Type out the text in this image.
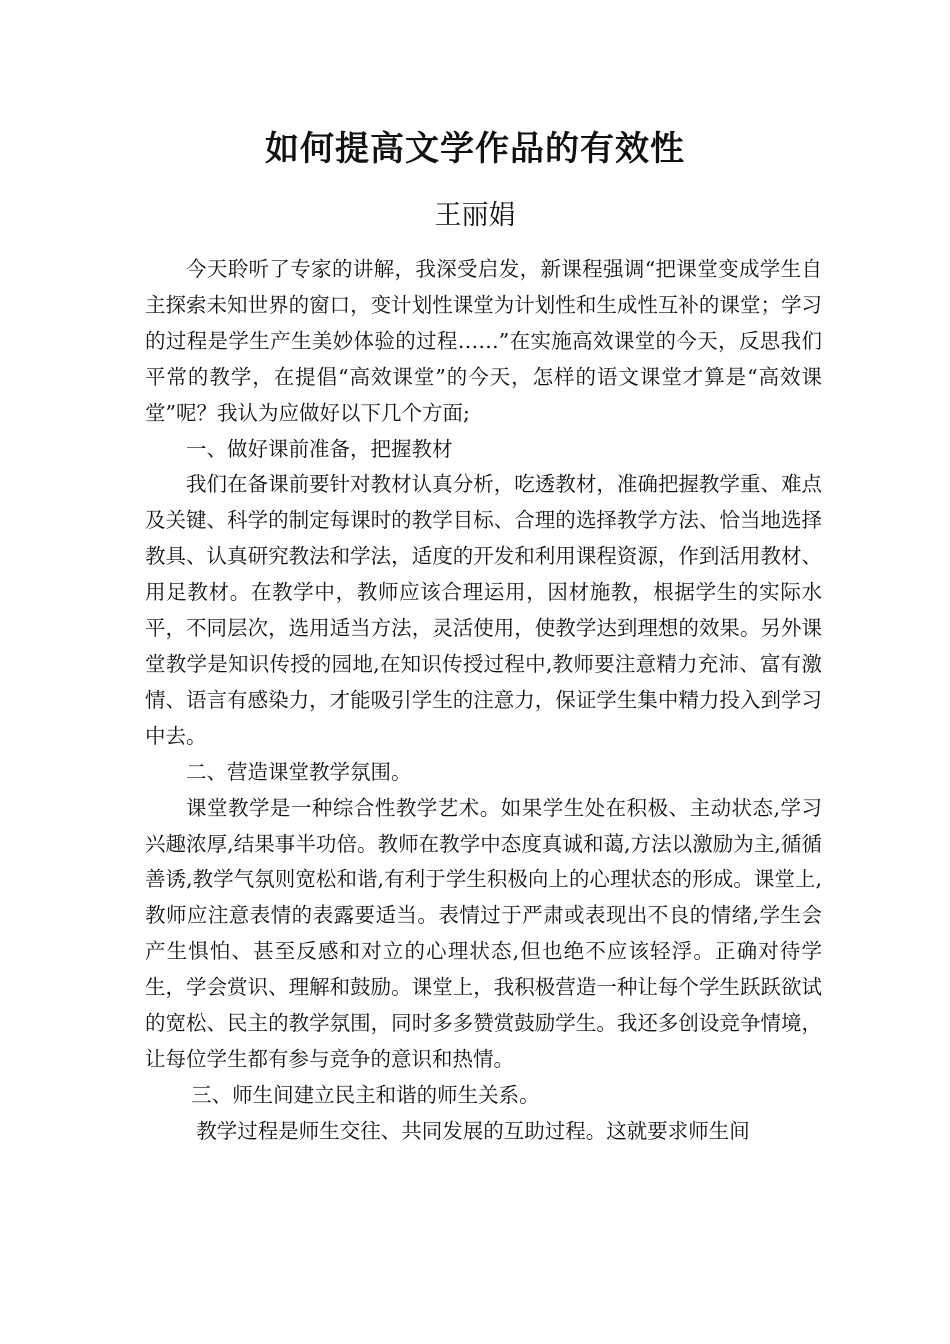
如何提高文学作品的有效性
王丽娟

今天聆听了专家的讲解，我深受启发，新课程强调“把课堂变成学生自主探索未知世界的窗口，变计划性课堂为计划性和生成性互补的课堂；学习的过程是学生产生美妙体验的过程……”在实施高效课堂的今天，反思我们平常的教学，在提倡“高效课堂”的今天，怎样的语文课堂才算是“高效课堂”呢？我认为应做好以下几个方面;

一、做好课前准备，把握教材

我们在备课前要针对教材认真分析，吃透教材，准确把握教学重、难点及关键、科学的制定每课时的教学目标、合理的选择教学方法、恰当地选择教具、认真研究教法和学法，适度的开发和利用课程资源，作到活用教材、用足教材。在教学中，教师应该合理运用，因材施教，根据学生的实际水平，不同层次，选用适当方法，灵活使用，使教学达到理想的效果。另外课堂教学是知识传授的园地,在知识传授过程中,教师要注意精力充沛、富有激情、语言有感染力，才能吸引学生的注意力，保证学生集中精力投入到学习中去。

二、营造课堂教学氛围。

课堂教学是一种综合性教学艺术。如果学生处在积极、主动状态,学习兴趣浓厚,结果事半功倍。教师在教学中态度真诚和蔼,方法以激励为主,循循善诱,教学气氛则宽松和谐,有利于学生积极向上的心理状态的形成。课堂上,教师应注意表情的表露要适当。表情过于严肃或表现出不良的情绪,学生会产生惧怕、甚至反感和对立的心理状态,但也绝不应该轻浮。正确对待学生，学会赏识、理解和鼓励。课堂上，我积极营造一种让每个学生跃跃欲试的宽松、民主的教学氛围，同时多多赞赏鼓励学生。我还多创设竞争情境，让每位学生都有参与竞争的意识和热情。

三、师生间建立民主和谐的师生关系。

教学过程是师生交往、共同发展的互助过程。这就要求师生间
